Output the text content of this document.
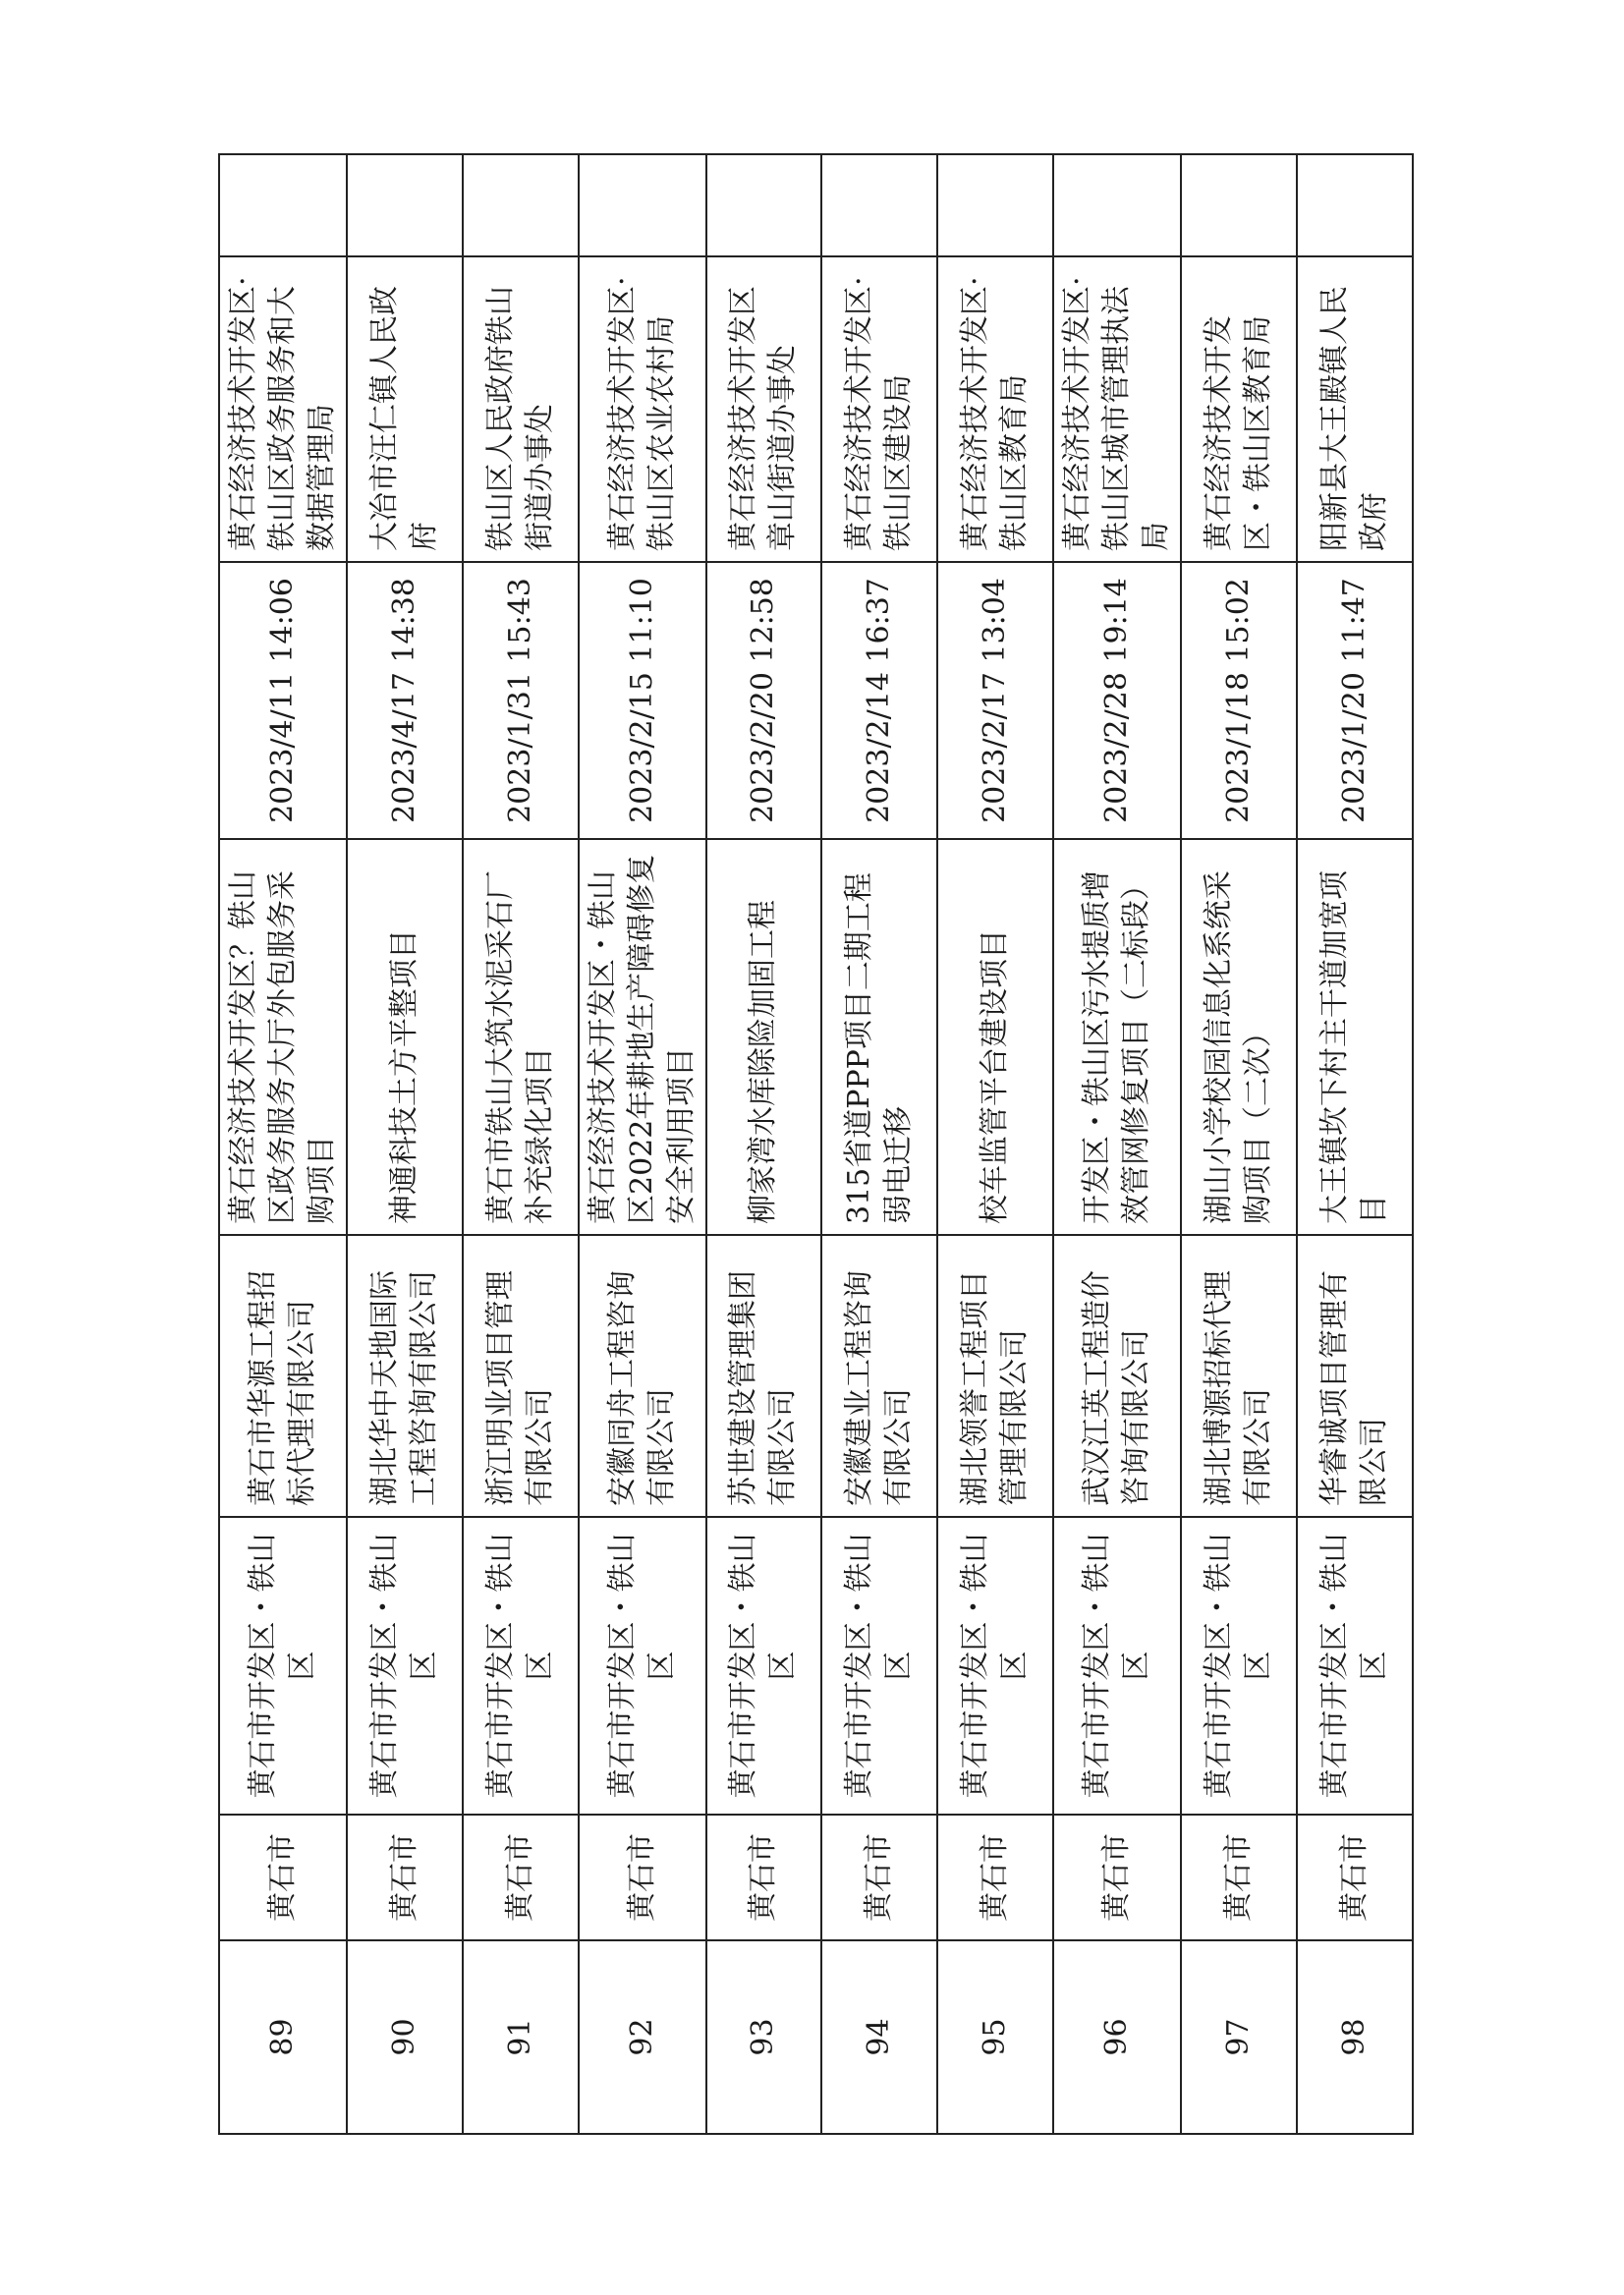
89	黄石市	黄石市开发区・铁山区	黄石市华源工程招标代理有限公司	黄石经济技术开发区？铁山区政务服务大厅外包服务采购项目	2023/4/11 14:06	黄石经济技术开发区·铁山区政务服务和大数据管理局	
90	黄石市	黄石市开发区・铁山区	湖北华中天地国际工程咨询有限公司	神通科技土方平整项目	2023/4/17 14:38	大冶市汪仁镇人民政府	
91	黄石市	黄石市开发区・铁山区	浙江明业项目管理有限公司	黄石市铁山大筑水泥采石厂补充绿化项目	2023/1/31 15:43	铁山区人民政府铁山街道办事处	
92	黄石市	黄石市开发区・铁山区	安徽同舟工程咨询有限公司	黄石经济技术开发区・铁山区2022年耕地生产障碍修复安全利用项目	2023/2/15 11:10	黄石经济技术开发区·铁山区农业农村局	
93	黄石市	黄石市开发区・铁山区	苏世建设管理集团有限公司	柳家湾水库除险加固工程	2023/2/20 12:58	黄石经济技术开发区章山街道办事处	
94	黄石市	黄石市开发区・铁山区	安徽建业工程咨询有限公司	315省道PPP项目二期工程弱电迁移	2023/2/14 16:37	黄石经济技术开发区·铁山区建设局	
95	黄石市	黄石市开发区・铁山区	湖北领誉工程项目管理有限公司	校车监管平台建设项目	2023/2/17 13:04	黄石经济技术开发区·铁山区教育局	
96	黄石市	黄石市开发区・铁山区	武汉江英工程造价咨询有限公司	开发区・铁山区污水提质增效管网修复项目（二标段）	2023/2/28 19:14	黄石经济技术开发区·铁山区城市管理执法局	
97	黄石市	黄石市开发区・铁山区	湖北博源招标代理有限公司	湖山小学校园信息化系统采购项目（二次）	2023/1/18 15:02	黄石经济技术开发区・铁山区教育局	
98	黄石市	黄石市开发区・铁山区	华睿诚项目管理有限公司	大王镇坎下村主干道加宽项目	2023/1/20 11:47	阳新县大王殿镇人民政府	
